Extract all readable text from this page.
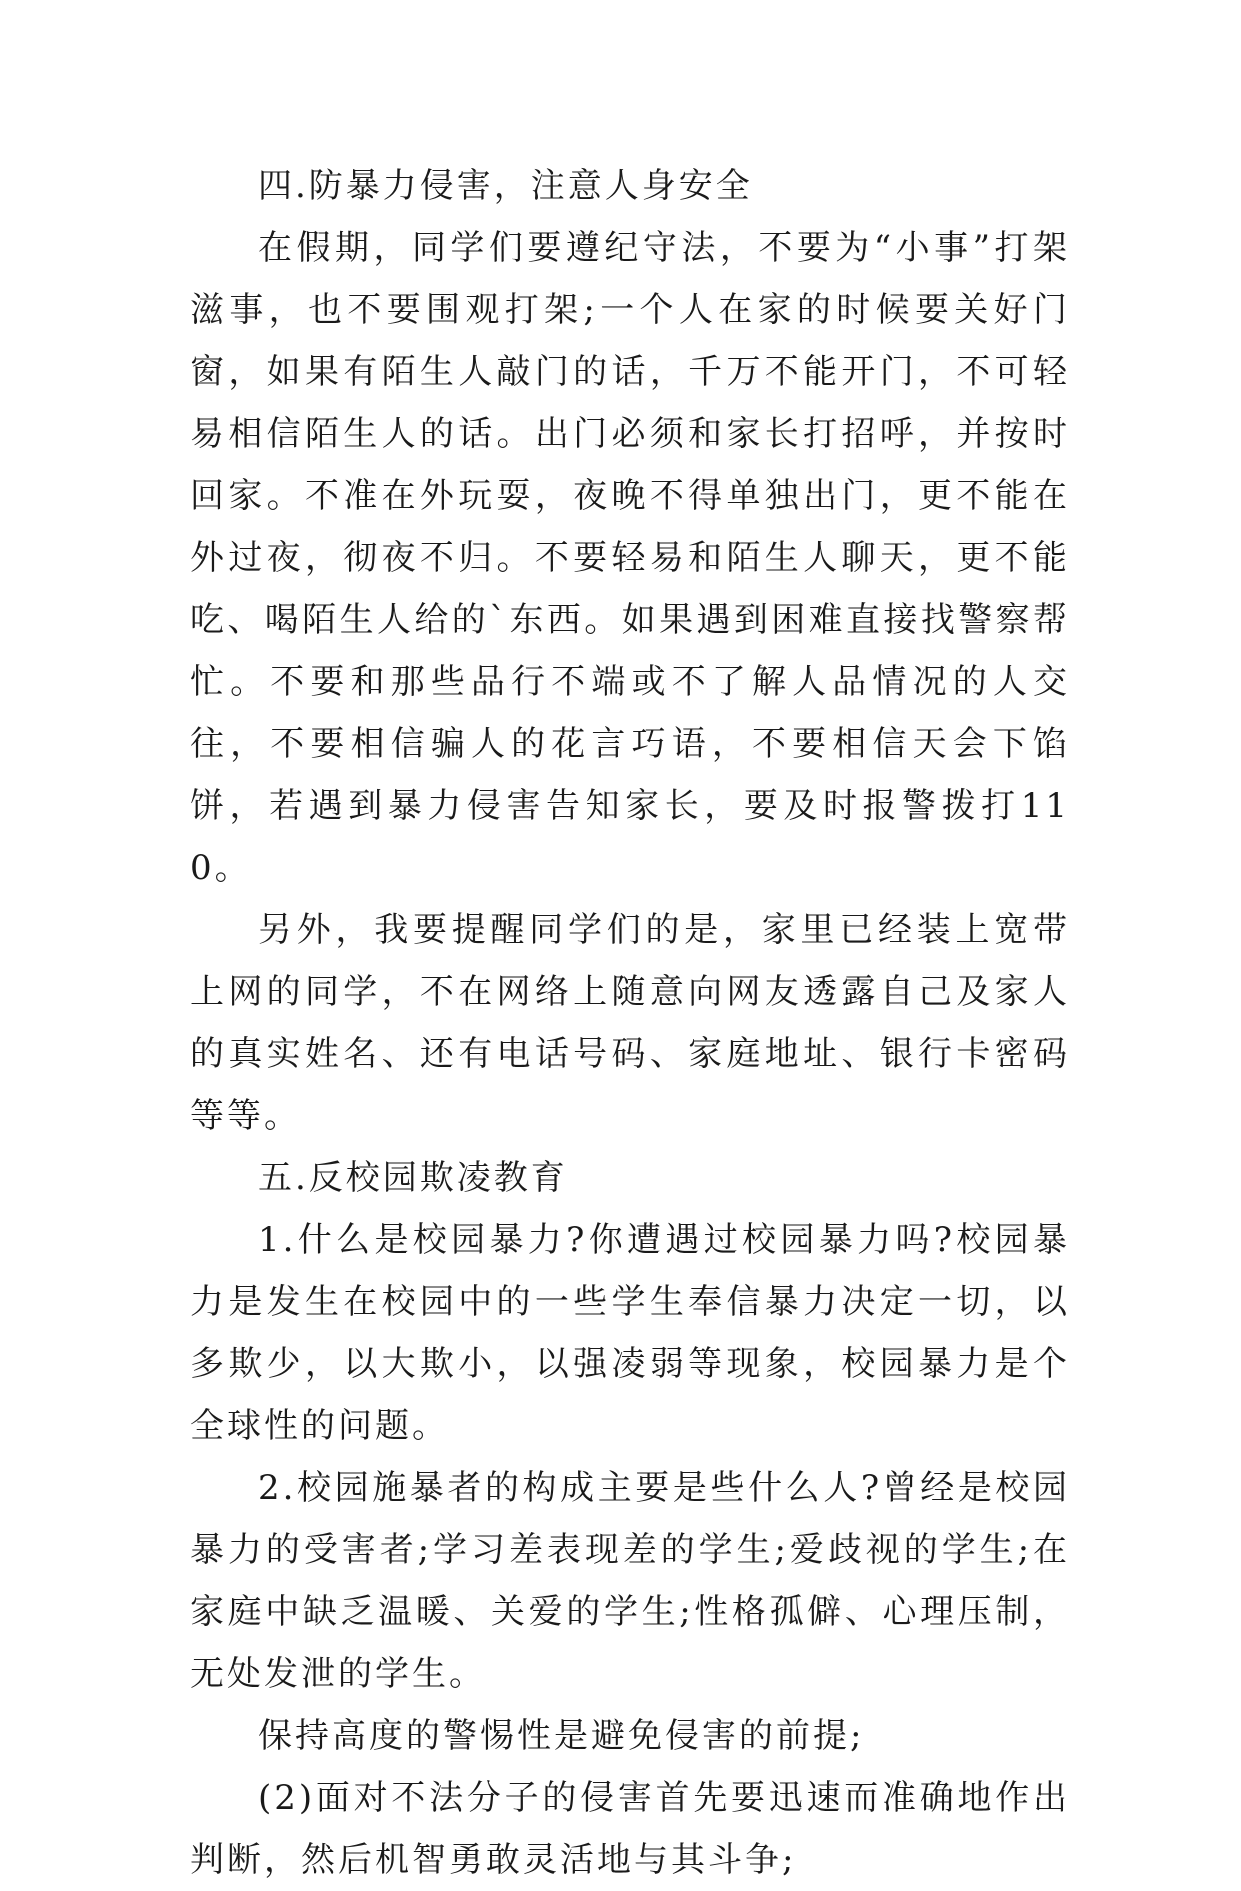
四.防暴力侵害，注意人身安全

在假期，同学们要遵纪守法，不要为“小事”打架滋事，也不要围观打架;一个人在家的时候要关好门窗，如果有陌生人敲门的话，千万不能开门，不可轻易相信陌生人的话。出门必须和家长打招呼，并按时回家。不准在外玩耍，夜晚不得单独出门，更不能在外过夜，彻夜不归。不要轻易和陌生人聊天，更不能吃、喝陌生人给的`东西。如果遇到困难直接找警察帮忙。不要和那些品行不端或不了解人品情况的人交往，不要相信骗人的花言巧语，不要相信天会下馅饼，若遇到暴力侵害告知家长，要及时报警拨打110。

另外，我要提醒同学们的是，家里已经装上宽带上网的同学，不在网络上随意向网友透露自己及家人的真实姓名、还有电话号码、家庭地址、银行卡密码等等。

五.反校园欺凌教育

1.什么是校园暴力?你遭遇过校园暴力吗?校园暴力是发生在校园中的一些学生奉信暴力决定一切，以多欺少，以大欺小，以强凌弱等现象，校园暴力是个全球性的问题。

2.校园施暴者的构成主要是些什么人?曾经是校园暴力的受害者;学习差表现差的学生;爱歧视的学生;在家庭中缺乏温暖、关爱的学生;性格孤僻、心理压制，无处发泄的学生。

保持高度的警惕性是避免侵害的前提;

(2)面对不法分子的侵害首先要迅速而准确地作出判断，然后机智勇敢灵活地与其斗争;
